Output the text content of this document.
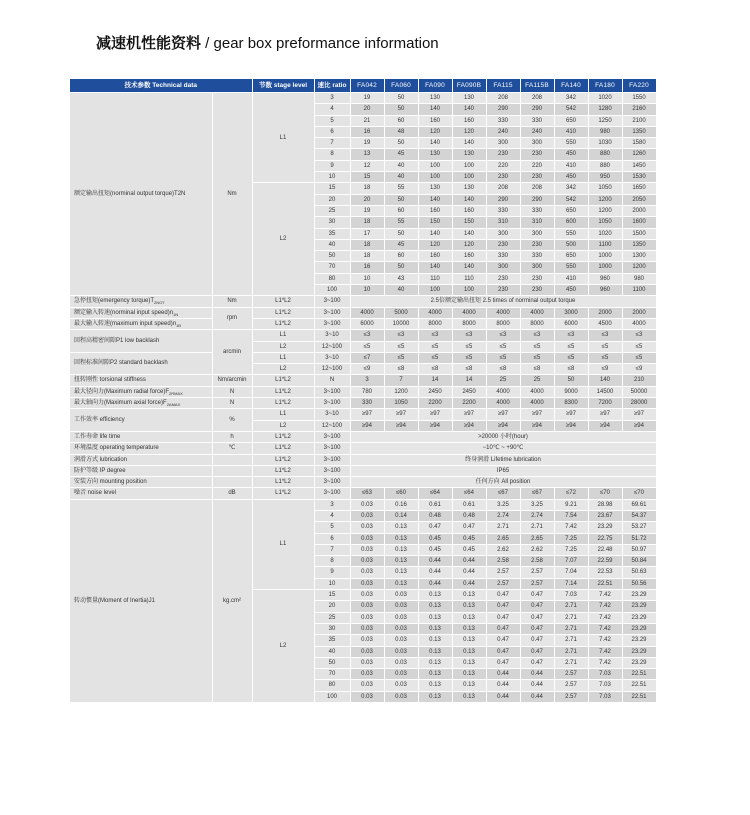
减速机性能资料 / gear box preformance information
技术参数 Technical data		节数 stage level	速比 ratio	FA042	FA060	FA090	FA090B	FA115	FA115B	FA140	FA180	FA220
额定输出扭矩(norminal output torque)T2N	Nm	L1	3	19	50	130	130	208	208	342	1020	1550
			4	20	50	140	140	290	290	542	1280	2160
			5	21	60	160	160	330	330	650	1250	2100
			6	16	48	120	120	240	240	410	980	1350
			7	19	50	140	140	300	300	550	1030	1580
			8	13	45	130	130	230	230	450	880	1260
			9	12	40	100	100	220	220	410	880	1450
			10	15	40	100	100	230	230	450	950	1530
		L2	15	18	55	130	130	208	208	342	1050	1650
			20	20	50	140	140	290	290	542	1200	2050
			25	19	60	160	160	330	330	650	1200	2000
			30	18	55	150	150	310	310	600	1050	1600
			35	17	50	140	140	300	300	550	1020	1500
			40	18	45	120	120	230	230	500	1100	1350
			50	18	60	160	160	330	330	650	1000	1300
			70	16	50	140	140	300	300	550	1000	1200
			80	10	43	110	110	230	230	410	960	980
			100	10	40	100	100	230	230	450	960	1100
急停扭矩(emergency $torque)T_{2NOT}$	Nm	L1*L2	3~100	2.5倍额定输出扭矩 2.5 times of norminal output torque								
额定输入转速(norminal input $speed)n_{1N}$	rpm	L1*L2	3~100	4000	5000	4000	4000	4000	4000	3000	2000	2000
最大输入转速(maximum input $speed)n_{1B}$		L1*L2	3~100	6000	10000	8000	8000	8000	8000	6000	4500	4000
回程高精密间隙P1 low backlash	arcmin	L1	3~10	≤3	≤3	≤3	≤3	≤3	≤3	≤3	≤3	≤3
		L2	12~100	≤5	≤5	≤5	≤5	≤5	≤5	≤5	≤5	≤5
回程标准间隙P2 standard backlash		L1	3~10	≤7	≤5	≤5	≤5	≤5	≤5	≤5	≤5	≤5
		L2	12~100	≤9	≤8	≤8	≤8	≤8	≤8	≤8	≤9	≤9
扭转刚性 torsional stiffness	Nm/arcmin	L1*L2	N	3	7	14	14	25	25	50	140	210
最大径向力(Maximum radial $force)F_{2RMAX}$	N	L1*L2	3~100	780	1200	2450	2450	4000	4000	9000	14500	50000
最大轴向力(Maximum axial $force)F_{2AMAX}$	N	L1*L2	3~100	330	1050	2200	2200	4000	4000	8300	7200	28000
工作效率 efficiency	%	L1	3~10	≥97	≥97	≥97	≥97	≥97	≥97	≥97	≥97	≥97
		L2	12~100	≥94	≥94	≥94	≥94	≥94	≥94	≥94	≥94	≥94
工作寿命 life time	h	L1*L2	3~100	>20000 小时(hour)								
环境温度 operating temperature	℃	L1*L2	3~100	−10℃ ~ +90℃								
润滑方式 lubrication		L1*L2	3~100	终身润滑 Lifetime lubrication								
防护等级 IP degree		L1*L2	3~100	IP65								
安装方向 mounting position		L1*L2	3~100	任何方向 All position								
噪音 noise level	dB	L1*L2	3~100	≤63	≤60	≤64	≤64	≤67	≤67	≤72	≤70	≤70
转动惯量(Moment of Inertia)J1	kg.cm²	L1	3	0.03	0.16	0.61	0.61	3.25	3.25	9.21	28.98	69.61
			4	0.03	0.14	0.48	0.48	2.74	2.74	7.54	23.67	54.37
			5	0.03	0.13	0.47	0.47	2.71	2.71	7.42	23.29	53.27
			6	0.03	0.13	0.45	0.45	2.65	2.65	7.25	22.75	51.72
			7	0.03	0.13	0.45	0.45	2.62	2.62	7.25	22.48	50.97
			8	0.03	0.13	0.44	0.44	2.58	2.58	7.07	22.59	50.84
			9	0.03	0.13	0.44	0.44	2.57	2.57	7.04	22.53	50.63
			10	0.03	0.13	0.44	0.44	2.57	2.57	7.14	22.51	50.56
		L2	15	0.03	0.03	0.13	0.13	0.47	0.47	7.03	7.42	23.29
			20	0.03	0.03	0.13	0.13	0.47	0.47	2.71	7.42	23.29
			25	0.03	0.03	0.13	0.13	0.47	0.47	2.71	7.42	23.29
			30	0.03	0.03	0.13	0.13	0.47	0.47	2.71	7.42	23.29
			35	0.03	0.03	0.13	0.13	0.47	0.47	2.71	7.42	23.29
			40	0.03	0.03	0.13	0.13	0.47	0.47	2.71	7.42	23.29
			50	0.03	0.03	0.13	0.13	0.47	0.47	2.71	7.42	23.29
			70	0.03	0.03	0.13	0.13	0.44	0.44	2.57	7.03	22.51
			80	0.03	0.03	0.13	0.13	0.44	0.44	2.57	7.03	22.51
			100	0.03	0.03	0.13	0.13	0.44	0.44	2.57	7.03	22.51
